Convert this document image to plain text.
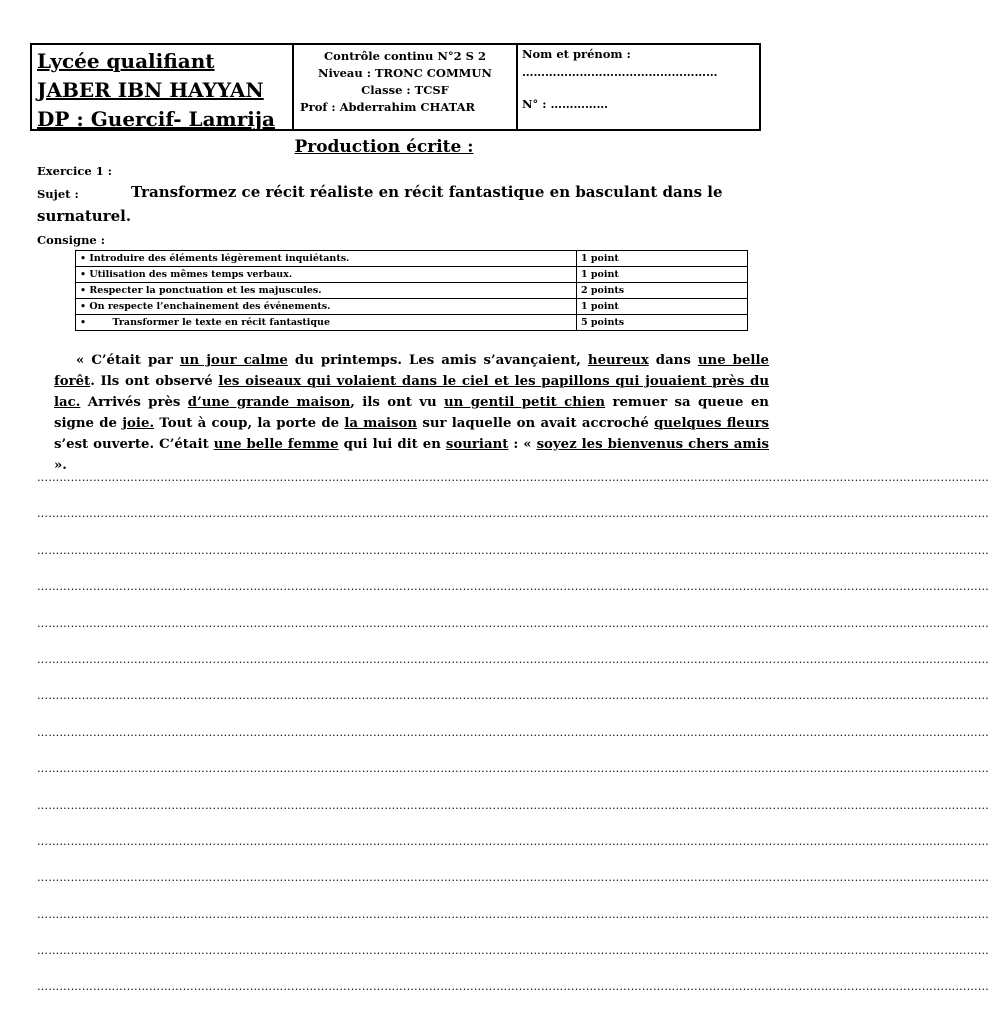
Lycée qualifiant
JABER IBN HAYYAN
DP : Guercif- Lamrija
Contrôle continu N°2 S 2
Niveau : TRONC COMMUN
Classe : TCSF
Prof : Abderrahim CHATAR
Nom et prénom :
……………………………………………
N° : ……………
Production écrite :
Exercice 1 :
Sujet :	Transformez ce récit réaliste en récit fantastique en basculant dans le
surnaturel.
Consigne :
• Introduire des éléments légèrement inquiétants.	1 point
• Utilisation des mêmes temps verbaux.	1 point
• Respecter la ponctuation et les majuscules.	2 points
• On respecte l’enchainement des événements.	1 point
•        Transformer le texte en récit fantastique	5 points
« C’était par un jour calme du printemps. Les amis s’avançaient, heureux dans une belle forêt. Ils ont observé les oiseaux qui volaient dans le ciel et les papillons qui jouaient près du lac. Arrivés près d’une grande maison, ils ont vu un gentil petit chien remuer sa queue en signe de joie. Tout à coup, la porte de la maison sur laquelle on avait accroché quelques fleurs s’est ouverte. C’était une belle femme qui lui dit en souriant : « soyez les bienvenus chers amis ».
…………………………………………………………………………………………………………………………………………………………………………………………………………………………………
…………………………………………………………………………………………………………………………………………………………………………………………………………………………………
…………………………………………………………………………………………………………………………………………………………………………………………………………………………………
…………………………………………………………………………………………………………………………………………………………………………………………………………………………………
…………………………………………………………………………………………………………………………………………………………………………………………………………………………………
…………………………………………………………………………………………………………………………………………………………………………………………………………………………………
…………………………………………………………………………………………………………………………………………………………………………………………………………………………………
…………………………………………………………………………………………………………………………………………………………………………………………………………………………………
…………………………………………………………………………………………………………………………………………………………………………………………………………………………………
…………………………………………………………………………………………………………………………………………………………………………………………………………………………………
…………………………………………………………………………………………………………………………………………………………………………………………………………………………………
…………………………………………………………………………………………………………………………………………………………………………………………………………………………………
…………………………………………………………………………………………………………………………………………………………………………………………………………………………………
…………………………………………………………………………………………………………………………………………………………………………………………………………………………………
…………………………………………………………………………………………………………………………………………………………………………………………………………………………………
